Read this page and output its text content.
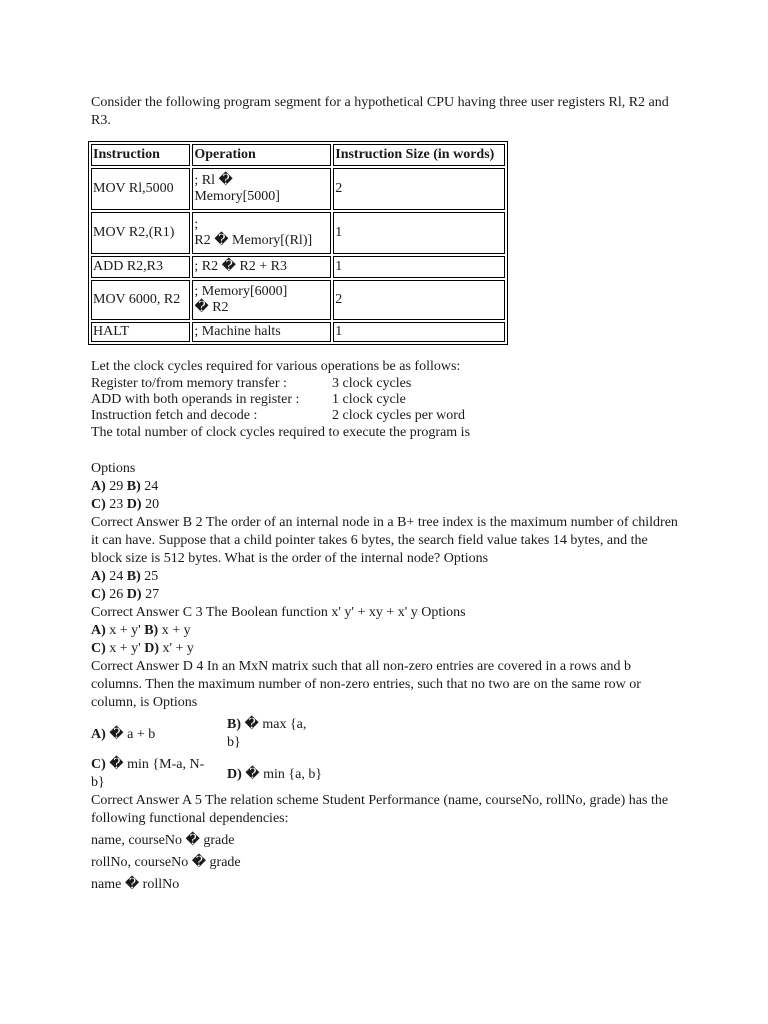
Consider the following program segment for a hypothetical CPU having three user registers Rl, R2 and R3.

Instruction	Operation	Instruction Size (in words)
MOV Rl,5000	; Rl �
Memory[5000]	2
MOV R2,(R1)	;
R2 � Memory[(Rl)]	1
ADD R2,R3	; R2 � R2 + R3	1
MOV 6000, R2	; Memory[6000]
� R2	2
HALT	; Machine halts	1

Let the clock cycles required for various operations be as follows:

Register to/from memory transfer :	3 clock cycles
ADD with both operands in register :	1 clock cycle
Instruction fetch and decode :	2 clock cycles per word

The total number of clock cycles required to execute the program is

Options

A) 29 B) 24

C) 23 D) 20

Correct Answer B 2 The order of an internal node in a B+ tree index is the maximum number of children it can have. Suppose that a child pointer takes 6 bytes, the search field value takes 14 bytes, and the block size is 512 bytes. What is the order of the internal node? Options

A) 24 B) 25

C) 26 D) 27

Correct Answer C 3 The Boolean function x' y' + xy + x' y Options

A) x + y' B) x + y

C) x + y' D) x' + y

Correct Answer D 4 In an MxN matrix such that all non-zero entries are covered in a rows and b columns. Then the maximum number of non-zero entries, such that no two are on the same row or column, is Options

A) � a + b
B) � max {a,
b}
C) � min {M-a, N-
b}
D) � min {a, b}

Correct Answer A 5 The relation scheme Student Performance (name, courseNo, rollNo, grade) has the following functional dependencies:

name, courseNo � grade

rollNo, courseNo � grade

name � rollNo
